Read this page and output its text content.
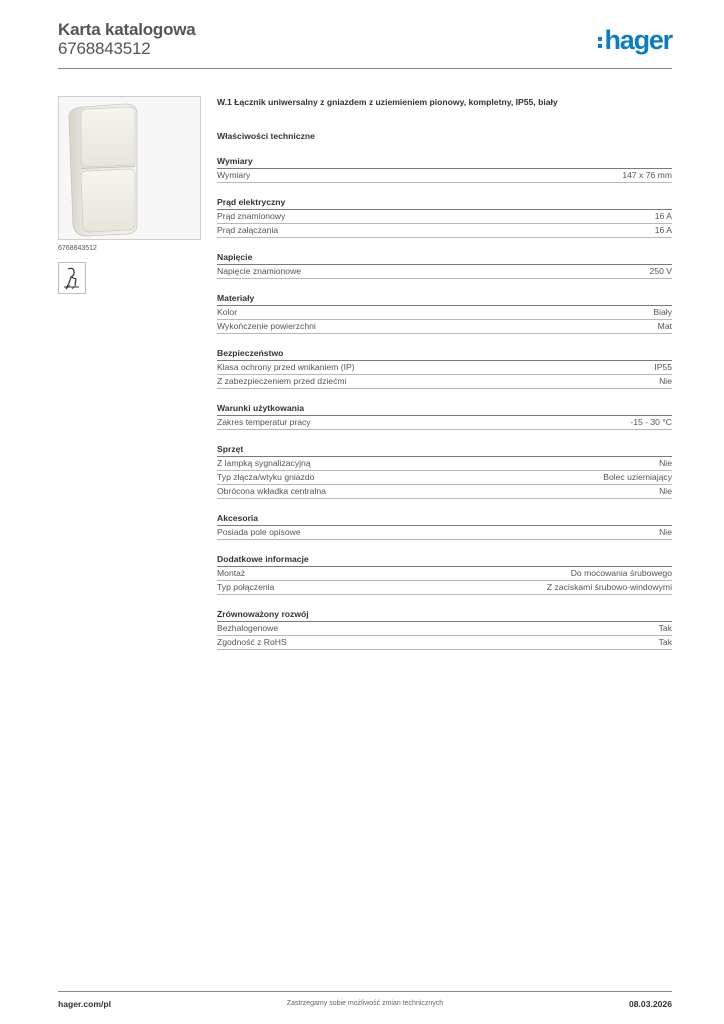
Karta katalogowa
6768843512	hager
6768843512
W.1 Łącznik uniwersalny z gniazdem z uziemieniem pionowy, kompletny, IP55, biały
Właściwości techniczne
Wymiary
Wymiary	147 x 76 mm
Prąd elektryczny
Prąd znamionowy	16 A
Prąd załączania	16 A
Napięcie
Napięcie znamionowe	250 V
Materiały
Kolor	Biały
Wykończenie powierzchni	Mat
Bezpieczeństwo
Klasa ochrony przed wnikaniem (IP)	IP55
Z zabezpieczeniem przed dziećmi	Nie
Warunki użytkowania
Zakres temperatur pracy	-15 - 30 °C
Sprzęt
Z lampką sygnalizacyjną	Nie
Typ złącza/wtyku gniazdo	Bolec uziemiający
Obrócona wkładka centralna	Nie
Akcesoria
Posiada pole opisowe	Nie
Dodatkowe informacje
Montaż	Do mocowania śrubowego
Typ połączenia	Z zaciskami śrubowo-windowymi
Zrównoważony rozwój
Bezhalogenowe	Tak
Zgodność z RoHS	Tak
hager.com/pl	Zastrzegamy sobie możliwość zmian technicznych	08.03.2026
